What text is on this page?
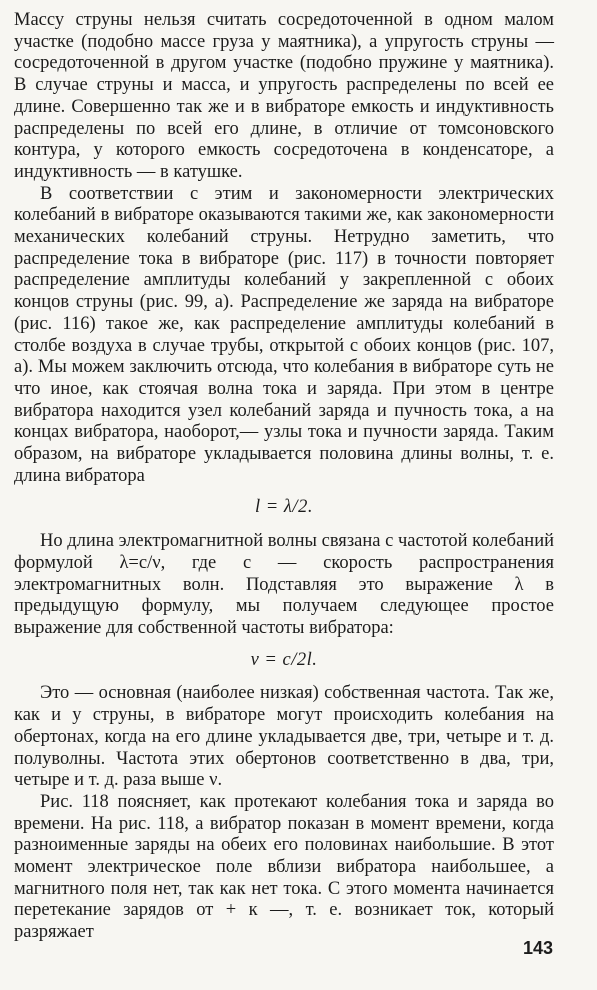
Массу струны нельзя считать сосредоточенной в одном малом участке (подобно массе груза у маятника), а упругость струны — сосредоточенной в другом участке (подобно пружине у маятника). В случае струны и масса, и упругость распределены по всей ее длине. Совершенно так же и в вибраторе емкость и индуктивность распределены по всей его длине, в отличие от томсоновского контура, у которого емкость сосредоточена в конденсаторе, а индуктивность — в катушке.

В соответствии с этим и закономерности электрических колебаний в вибраторе оказываются такими же, как закономерности механических колебаний струны. Нетрудно заметить, что распределение тока в вибраторе (рис. 117) в точности повторяет распределение амплитуды колебаний у закрепленной с обоих концов струны (рис. 99, а). Распределение же заряда на вибраторе (рис. 116) такое же, как распределение амплитуды колебаний в столбе воздуха в случае трубы, открытой с обоих концов (рис. 107, а). Мы можем заключить отсюда, что колебания в вибраторе суть не что иное, как стоячая волна тока и заряда. При этом в центре вибратора находится узел колебаний заряда и пучность тока, а на концах вибратора, наоборот,— узлы тока и пучности заряда. Таким образом, на вибраторе укладывается половина длины волны, т. е. длина вибратора

l = λ/2.

Но длина электромагнитной волны связана с частотой колебаний формулой λ=c/ν, где c — скорость распространения электромагнитных волн. Подставляя это выражение λ в предыдущую формулу, мы получаем следующее простое выражение для собственной частоты вибратора:

ν = c/2l.

Это — основная (наиболее низкая) собственная частота. Так же, как и у струны, в вибраторе могут происходить колебания на обертонах, когда на его длине укладывается две, три, четыре и т. д. полуволны. Частота этих обертонов соответственно в два, три, четыре и т. д. раза выше ν.

Рис. 118 поясняет, как протекают колебания тока и заряда во времени. На рис. 118, а вибратор показан в момент времени, когда разноименные заряды на обеих его половинах наибольшие. В этот момент электрическое поле вблизи вибратора наибольшее, а магнитного поля нет, так как нет тока. С этого момента начинается перетекание зарядов от + к —, т. е. возникает ток, который разряжает

143
